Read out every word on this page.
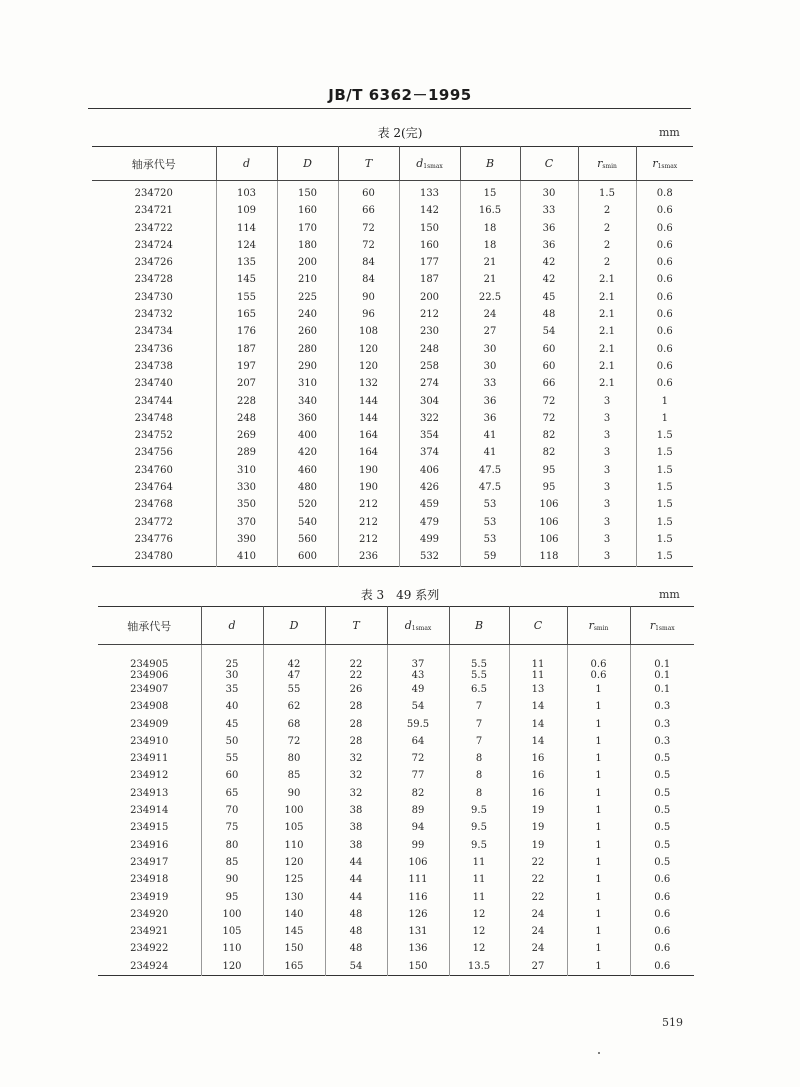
JB/T 6362－1995
表 2(完)	mm
轴承代号	d	D	T	d1smax	B	C	rsmin	r1smax
234720	103	150	60	133	15	30	1.5	0.8
234721	109	160	66	142	16.5	33	2	0.6
234722	114	170	72	150	18	36	2	0.6
234724	124	180	72	160	18	36	2	0.6
234726	135	200	84	177	21	42	2	0.6
234728	145	210	84	187	21	42	2.1	0.6
234730	155	225	90	200	22.5	45	2.1	0.6
234732	165	240	96	212	24	48	2.1	0.6
234734	176	260	108	230	27	54	2.1	0.6
234736	187	280	120	248	30	60	2.1	0.6
234738	197	290	120	258	30	60	2.1	0.6
234740	207	310	132	274	33	66	2.1	0.6
234744	228	340	144	304	36	72	3	1
234748	248	360	144	322	36	72	3	1
234752	269	400	164	354	41	82	3	1.5
234756	289	420	164	374	41	82	3	1.5
234760	310	460	190	406	47.5	95	3	1.5
234764	330	480	190	426	47.5	95	3	1.5
234768	350	520	212	459	53	106	3	1.5
234772	370	540	212	479	53	106	3	1.5
234776	390	560	212	499	53	106	3	1.5
234780	410	600	236	532	59	118	3	1.5
表 3　49 系列	mm
轴承代号	d	D	T	d1smax	B	C	rsmin	r1smax

234905	25	42	22	37	5.5	11	0.6	0.1
234906	30	47	22	43	5.5	11	0.6	0.1
234907	35	55	26	49	6.5	13	1	0.1
234908	40	62	28	54	7	14	1	0.3
234909	45	68	28	59.5	7	14	1	0.3
234910	50	72	28	64	7	14	1	0.3
234911	55	80	32	72	8	16	1	0.5
234912	60	85	32	77	8	16	1	0.5
234913	65	90	32	82	8	16	1	0.5
234914	70	100	38	89	9.5	19	1	0.5
234915	75	105	38	94	9.5	19	1	0.5
234916	80	110	38	99	9.5	19	1	0.5
234917	85	120	44	106	11	22	1	0.5
234918	90	125	44	111	11	22	1	0.6
234919	95	130	44	116	11	22	1	0.6
234920	100	140	48	126	12	24	1	0.6
234921	105	145	48	131	12	24	1	0.6
234922	110	150	48	136	12	24	1	0.6
234924	120	165	54	150	13.5	27	1	0.6
519
